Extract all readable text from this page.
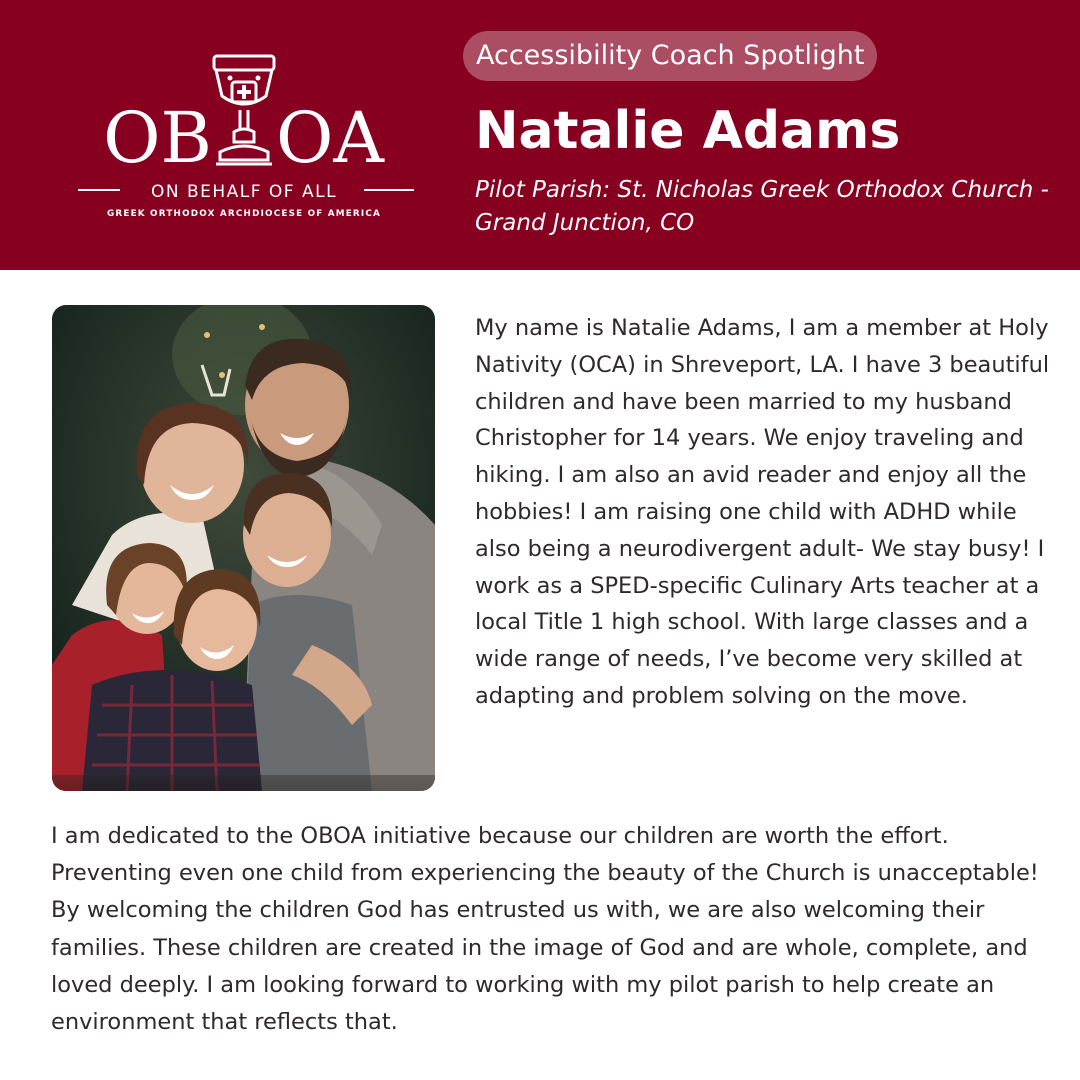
OB OA
ON BEHALF OF ALL
GREEK ORTHODOX ARCHDIOCESE OF AMERICA
Accessibility Coach Spotlight
Natalie Adams
Pilot Parish: St. Nicholas Greek Orthodox Church - Grand Junction, CO

My name is Natalie Adams, I am a member at Holy Nativity (OCA) in Shreveport, LA. I have 3 beautiful children and have been married to my husband Christopher for 14 years. We enjoy traveling and hiking. I am also an avid reader and enjoy all the hobbies! I am raising one child with ADHD while also being a neurodivergent adult- We stay busy! I work as a SPED-specific Culinary Arts teacher at a local Title 1 high school. With large classes and a wide range of needs, I’ve become very skilled at adapting and problem solving on the move.

I am dedicated to the OBOA initiative because our children are worth the effort. Preventing even one child from experiencing the beauty of the Church is unacceptable! By welcoming the children God has entrusted us with, we are also welcoming their families. These children are created in the image of God and are whole, complete, and loved deeply. I am looking forward to working with my pilot parish to help create an environment that reflects that.
